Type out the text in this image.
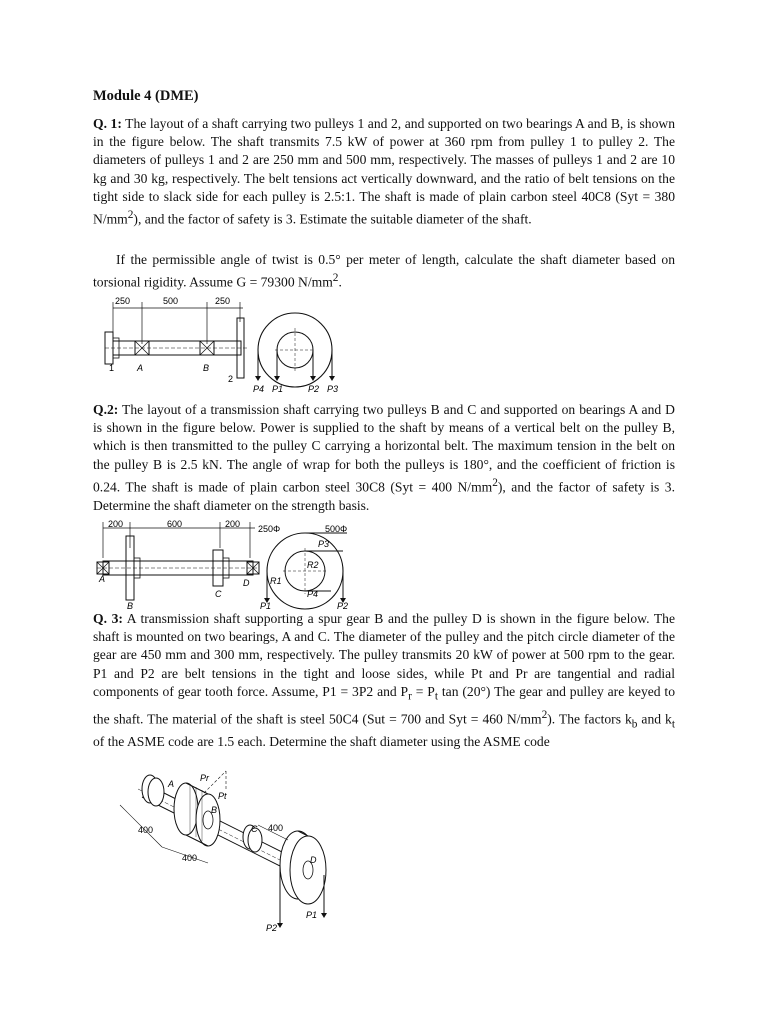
Module 4 (DME)

Q. 1: The layout of a shaft carrying two pulleys 1 and 2, and supported on two bearings A and B, is shown in the figure below. The shaft transmits 7.5 kW of power at 360 rpm from pulley 1 to pulley 2. The diameters of pulleys 1 and 2 are 250 mm and 500 mm, respectively. The masses of pulleys 1 and 2 are 10 kg and 30 kg, respectively. The belt tensions act vertically downward, and the ratio of belt tensions on the tight side to slack side for each pulley is 2.5:1. The shaft is made of plain carbon steel 40C8 (Syt = 380 $N/mm^2$), and the factor of safety is 3. Estimate the suitable diameter of the shaft.

If the permissible angle of twist is 0.5° per meter of length, calculate the shaft diameter based on torsional rigidity. Assume G = 79300 $N/mm^2$.

250	500	250
1	A	B
2
P4 P1	P2 P3

Q.2: The layout of a transmission shaft carrying two pulleys B and C and supported on bearings A and D is shown in the figure below. Power is supplied to the shaft by means of a vertical belt on the pulley B, which is then transmitted to the pulley C carrying a horizontal belt. The maximum tension in the belt on the pulley B is 2.5 kN. The angle of wrap for both the pulleys is 180°, and the coefficient of friction is 0.24. The shaft is made of plain carbon steel 30C8 (Syt = 400 $N/mm^2$), and the factor of safety is 3. Determine the shaft diameter on the strength basis.

200	600	200 250Φ	500Φ
A
B
C
D
P3
R2
R1
P4
P1	P2

Q. 3: A transmission shaft supporting a spur gear B and the pulley D is shown in the figure below. The shaft is mounted on two bearings, A and C. The diameter of the pulley and the pitch circle diameter of the gear are 450 mm and 300 mm, respectively. The pulley transmits 20 kW of power at 500 rpm to the gear. P1 and P2 are belt tensions in the tight and loose sides, while Pt and Pr are tangential and radial components of gear tooth force. Assume, P1 = 3P2 and $P_r = P_t$ tan (20°) The gear and pulley are keyed to the shaft. The material of the shaft is steel 50C4 (Sut = 700 and Syt = 460 $N/mm^2$). The factors $k_b$ and $k_t$ of the ASME code are 1.5 each. Determine the shaft diameter using the ASME code

A
B
Pr
Pt
C
D
P2
P1
400
400
400
